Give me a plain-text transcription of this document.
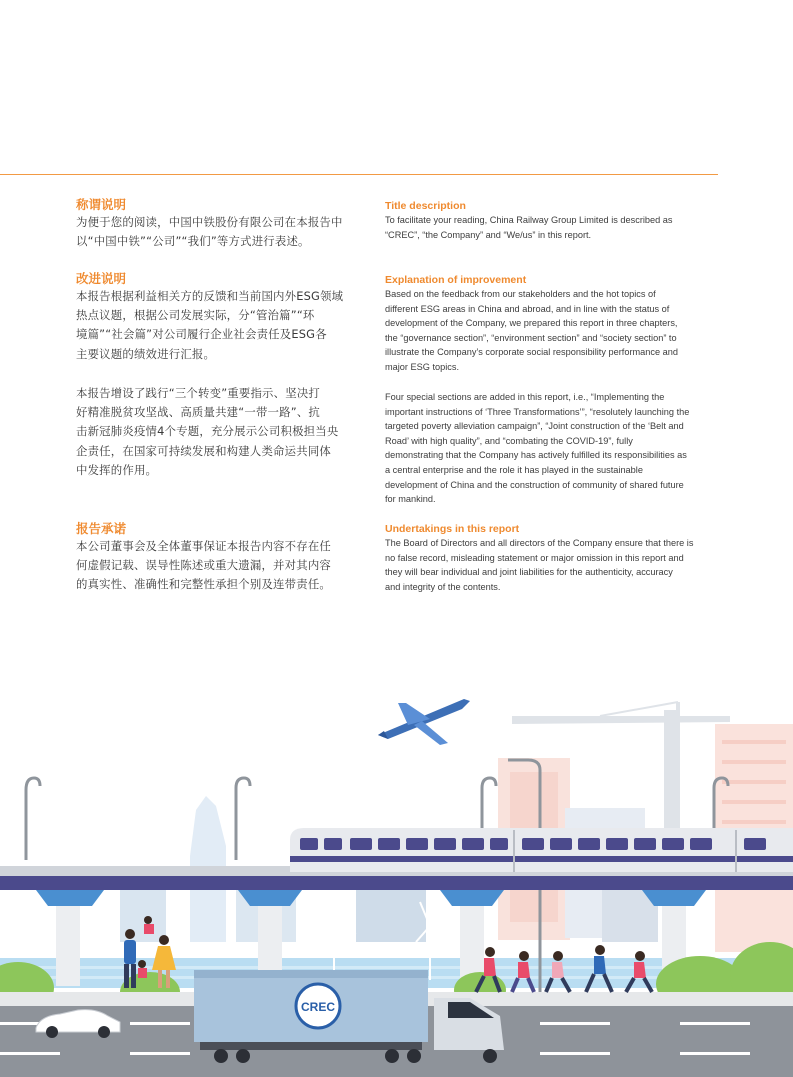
称谓说明

为便于您的阅读，中国中铁股份有限公司在本报告中

以“中国中铁”“公司”“我们”等方式进行表述。

改进说明

本报告根据利益相关方的反馈和当前国内外ESG领域

热点议题，根据公司发展实际，分“管治篇”“环

境篇”“社会篇”对公司履行企业社会责任及ESG各

主要议题的绩效进行汇报。

本报告增设了践行“三个转变”重要指示、坚决打

好精准脱贫攻坚战、高质量共建“一带一路”、抗

击新冠肺炎疫情4个专题，充分展示公司积极担当央

企责任，在国家可持续发展和构建人类命运共同体

中发挥的作用。

报告承诺

本公司董事会及全体董事保证本报告内容不存在任

何虚假记载、误导性陈述或重大遗漏，并对其内容

的真实性、准确性和完整性承担个别及连带责任。

Title description

To facilitate your reading, China Railway Group Limited is described as

“CREC”, “the Company” and “We/us” in this report.

Explanation of improvement

Based on the feedback from our stakeholders and the hot topics of

different ESG areas in China and abroad, and in line with the status of

development of the Company, we prepared this report in three chapters,

the “governance section”, “environment section” and “society section” to

illustrate the Company’s corporate social responsibility performance and

major ESG topics.

Four special sections are added in this report, i.e., “Implementing the

important instructions of ‘Three Transformations’”, “resolutely launching the

targeted poverty alleviation campaign”, “Joint construction of the ‘Belt and

Road’ with high quality”, and “combating the COVID-19”, fully

demonstrating that the Company has actively fulfilled its responsibilities as

a central enterprise and the role it has played in the sustainable

development of China and the construction of community of shared future

for mankind.

Undertakings in this report

The Board of Directors and all directors of the Company ensure that there is

no false record, misleading statement or major omission in this report and

they will bear individual and joint liabilities for the authenticity, accuracy

and integrity of the contents.

CREC
